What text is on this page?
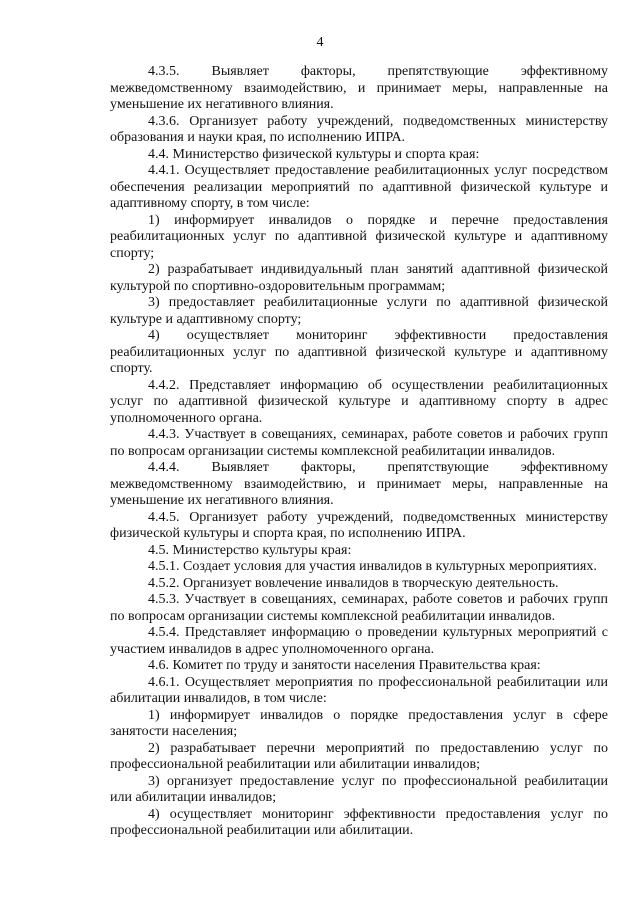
4

4.3.5. Выявляет факторы, препятствующие эффективному межведомственному взаимодействию, и принимает меры, направленные на уменьшение их негативного влияния.

4.3.6. Организует работу учреждений, подведомственных министерству образования и науки края, по исполнению ИПРА.

4.4. Министерство физической культуры и спорта края:

4.4.1. Осуществляет предоставление реабилитационных услуг посредством обеспечения реализации мероприятий по адаптивной физической культуре и адаптивному спорту, в том числе:

1) информирует инвалидов о порядке и перечне предоставления реабилитационных услуг по адаптивной физической культуре и адаптивному спорту;

2) разрабатывает индивидуальный план занятий адаптивной физической культурой по спортивно-оздоровительным программам;

3) предоставляет реабилитационные услуги по адаптивной физической культуре и адаптивному спорту;

4) осуществляет мониторинг эффективности предоставления реабилитационных услуг по адаптивной физической культуре и адаптивному спорту.

4.4.2. Представляет информацию об осуществлении реабилитационных услуг по адаптивной физической культуре и адаптивному спорту в адрес уполномоченного органа.

4.4.3. Участвует в совещаниях, семинарах, работе советов и рабочих групп по вопросам организации системы комплексной реабилитации инвалидов.

4.4.4. Выявляет факторы, препятствующие эффективному межведомственному взаимодействию, и принимает меры, направленные на уменьшение их негативного влияния.

4.4.5. Организует работу учреждений, подведомственных министерству физической культуры и спорта края, по исполнению ИПРА.

4.5. Министерство культуры края:

4.5.1. Создает условия для участия инвалидов в культурных мероприятиях.

4.5.2. Организует вовлечение инвалидов в творческую деятельность.

4.5.3. Участвует в совещаниях, семинарах, работе советов и рабочих групп по вопросам организации системы комплексной реабилитации инвалидов.

4.5.4. Представляет информацию о проведении культурных мероприятий с участием инвалидов в адрес уполномоченного органа.

4.6. Комитет по труду и занятости населения Правительства края:

4.6.1. Осуществляет мероприятия по профессиональной реабилитации или абилитации инвалидов, в том числе:

1) информирует инвалидов о порядке предоставления услуг в сфере занятости населения;

2) разрабатывает перечни мероприятий по предоставлению услуг по профессиональной реабилитации или абилитации инвалидов;

3) организует предоставление услуг по профессиональной реабилитации или абилитации инвалидов;

4) осуществляет мониторинг эффективности предоставления услуг по профессиональной реабилитации или абилитации.
